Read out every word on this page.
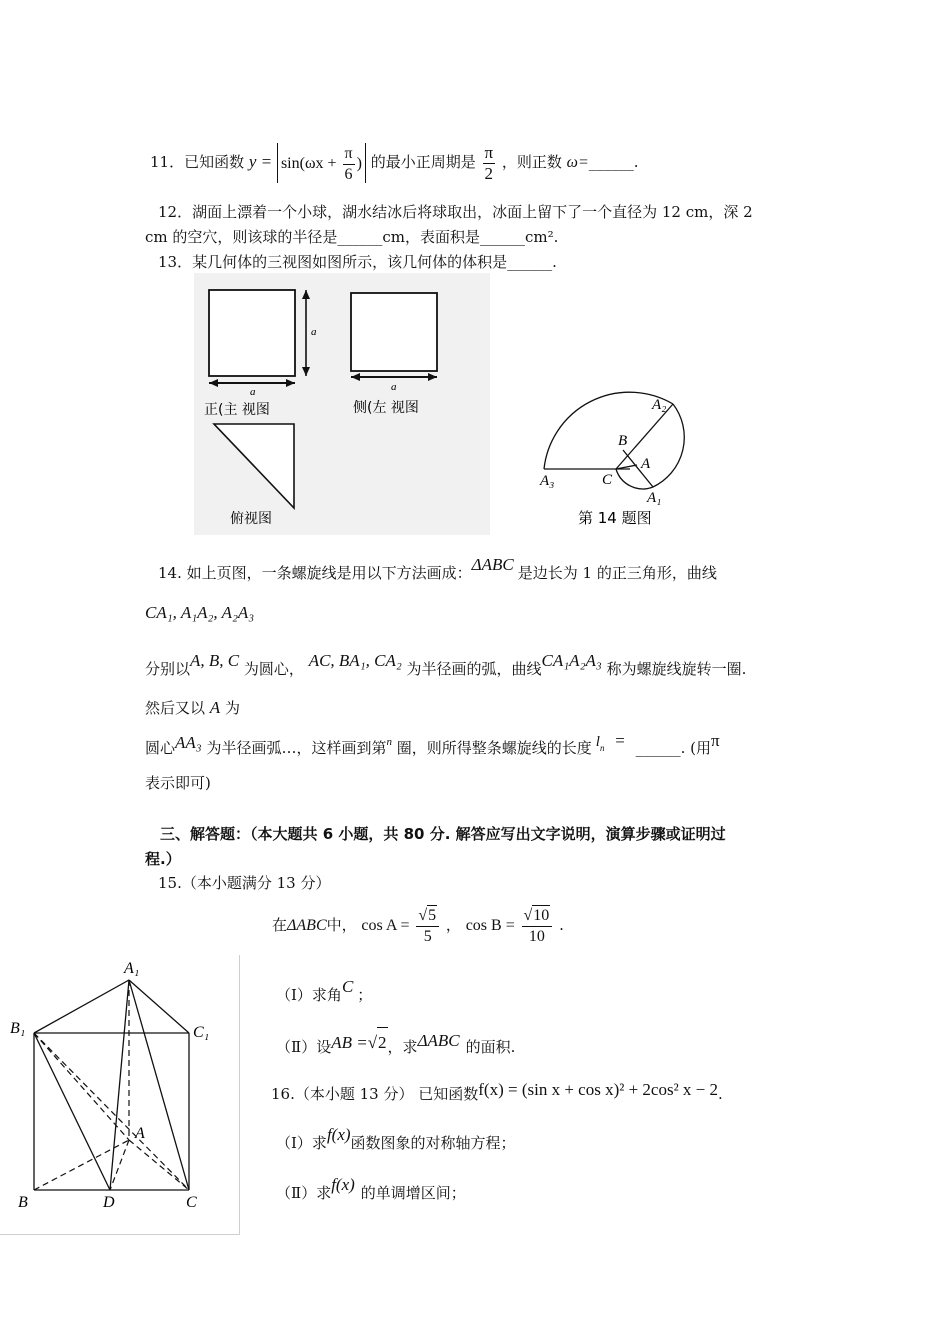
11．已知函数 $y = \sin(\omega x + \frac{\pi}{6}$ ) 的最小正周期是 $\frac{\pi}{2}$ ，则正数 ω=______.
12．湖面上漂着一个小球，湖水结冰后将球取出，冰面上留下了一个直径为 12 cm，深 2
cm 的空穴，则该球的半径是______cm，表面积是______cm².
13．某几何体的三视图如图所示，该几何体的体积是______.
a
a
正(主 视图
a
侧(左 视图
俯视图
A₂
B
A
C
A₃
A₁
第 14 题图
14. 如上页图，一条螺旋线是用以下方法画成：ΔABC 是边长为 1 的正三角形，曲线
CA₁, A₁A₂, A₂A₃
分别以A, B, C 为圆心， AC, BA₁, CA₂ 为半径画的弧，曲线CA₁A₂A₃ 称为螺旋线旋转一圈.
然后又以 A 为
圆心AA₃ 为半径画弧…，这样画到第$^n$ 圈，则所得整条螺旋线的长度 $l_n$ = ______. (用π
表示即可)
三、解答题：（本大题共 6 小题，共 80 分. 解答应写出文字说明，演算步骤或证明过
程.）
15.（本小题满分 13 分）
在ΔABC中， $\cos A = \frac{√5}{5}$ ， $\cos B = \frac{√10}{10}$ .
A₁
B₁	C₁
A
B	D	C
（Ⅰ）求角C ；
（Ⅱ）设AB =√2，求ΔABC 的面积.
16.（本小题 13 分） 已知函数f(x) = (sin x + cos x)² + 2cos² x − 2.
（Ⅰ）求f(x)函数图象的对称轴方程；
（Ⅱ）求f(x) 的单调增区间；
